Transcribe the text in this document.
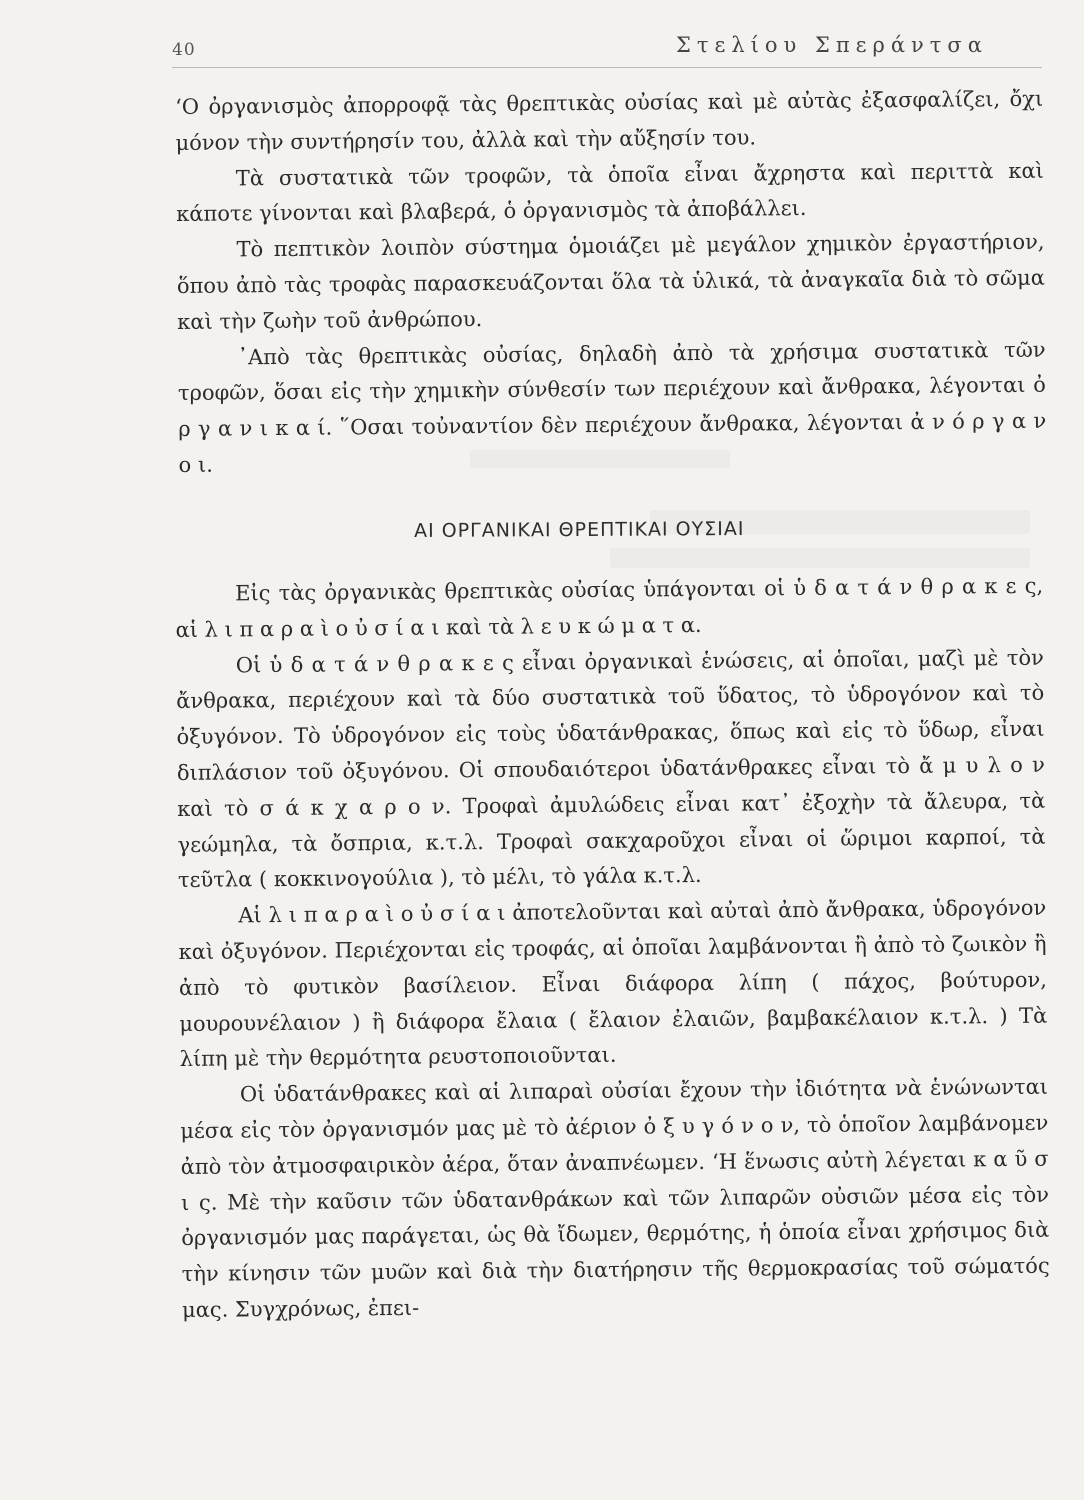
40	Στελίου Σπεράντσα

‘Ο ὀργανισμὸς ἀπορροφᾷ τὰς θρεπτικὰς οὐσίας καὶ μὲ αὐτὰς ἐξασφαλίζει, ὄχι μόνον τὴν συντήρησίν του, ἀλλὰ καὶ τὴν αὔξησίν του.

Τὰ συστατικὰ τῶν τροφῶν, τὰ ὁποῖα εἶναι ἄχρηστα καὶ περιττὰ καὶ κάποτε γίνονται καὶ βλαβερά, ὁ ὀργανισμὸς τὰ ἀποβάλλει.

Τὸ πεπτικὸν λοιπὸν σύστημα ὁμοιάζει μὲ μεγάλον χημικὸν ἐργαστήριον, ὅπου ἀπὸ τὰς τροφὰς παρασκευάζονται ὅλα τὰ ὑλικά, τὰ ἀναγκαῖα διὰ τὸ σῶμα καὶ τὴν ζωὴν τοῦ ἀνθρώπου.

᾿Απὸ τὰς θρεπτικὰς οὐσίας, δηλαδὴ ἀπὸ τὰ χρήσιμα συστατικὰ τῶν τροφῶν, ὅσαι εἰς τὴν χημικὴν σύνθεσίν των περιέχουν καὶ ἄνθρακα, λέγονται ὀ ρ γ α ν ι κ α ί. ῞Οσαι τοὐναντίον δὲν περιέχουν ἄνθρακα, λέγονται ἀ ν ό ρ γ α ν ο ι.

ΑΙ ΟΡΓΑΝΙΚΑΙ ΘΡΕΠΤΙΚΑΙ ΟΥΣΙΑΙ

Εἰς τὰς ὀργανικὰς θρεπτικὰς οὐσίας ὑπάγονται οἱ ὑ δ α τ ά ν θ ρ α κ ε ς, αἱ λ ι π α ρ α ὶ ο ὐ σ ί α ι καὶ τὰ λ ε υ κ ώ μ α τ α.

Οἱ ὑ δ α τ ά ν θ ρ α κ ε ς εἶναι ὀργανικαὶ ἑνώσεις, αἱ ὁποῖαι, μαζὶ μὲ τὸν ἄνθρακα, περιέχουν καὶ τὰ δύο συστατικὰ τοῦ ὕδατος, τὸ ὑδρογόνον καὶ τὸ ὀξυγόνον. Τὸ ὑδρογόνον εἰς τοὺς ὑδατάνθρακας, ὅπως καὶ εἰς τὸ ὕδωρ, εἶναι διπλάσιον τοῦ ὀξυγόνου. Οἱ σπουδαιότεροι ὑδατάνθρακες εἶναι τὸ ἄ μ υ λ ο ν καὶ τὸ σ ά κ χ α ρ ο ν. Τροφαὶ ἀμυλώδεις εἶναι κατ᾿ ἐξοχὴν τὰ ἄλευρα, τὰ γεώμηλα, τὰ ὄσπρια, κ.τ.λ. Τροφαὶ σακχαροῦχοι εἶναι οἱ ὥριμοι καρποί, τὰ τεῦτλα ( κοκκινογούλια ), τὸ μέλι, τὸ γάλα κ.τ.λ.

Αἱ λ ι π α ρ α ὶ ο ὐ σ ί α ι ἀποτελοῦνται καὶ αὐταὶ ἀπὸ ἄνθρακα, ὑδρογόνον καὶ ὀξυγόνον. Περιέχονται εἰς τροφάς, αἱ ὁποῖαι λαμβάνονται ἢ ἀπὸ τὸ ζωικὸν ἢ ἀπὸ τὸ φυτικὸν βασίλειον. Εἶναι διάφορα λίπη ( πάχος, βούτυρον, μουρουνέλαιον ) ἢ διάφορα ἔλαια ( ἔλαιον ἐλαιῶν, βαμβακέλαιον κ.τ.λ. ) Τὰ λίπη μὲ τὴν θερμότητα ρευστοποιοῦνται.

Οἱ ὑδατάνθρακες καὶ αἱ λιπαραὶ οὐσίαι ἔχουν τὴν ἰδιότητα νὰ ἑνώνωνται μέσα εἰς τὸν ὀργανισμόν μας μὲ τὸ ἀέριον ὀ ξ υ γ ό ν ο ν, τὸ ὁποῖον λαμβάνομεν ἀπὸ τὸν ἀτμοσφαιρικὸν ἀέρα, ὅταν ἀναπνέωμεν. ‘Η ἕνωσις αὐτὴ λέγεται κ α ῦ σ ι ς. Μὲ τὴν καῦσιν τῶν ὑδατανθράκων καὶ τῶν λιπαρῶν οὐσιῶν μέσα εἰς τὸν ὀργανισμόν μας παράγεται, ὡς θὰ ἴδωμεν, θερμότης, ἡ ὁποία εἶναι χρήσιμος διὰ τὴν κίνησιν τῶν μυῶν καὶ διὰ τὴν διατήρησιν τῆς θερμοκρασίας τοῦ σώματός μας. Συγχρόνως, ἐπει-
